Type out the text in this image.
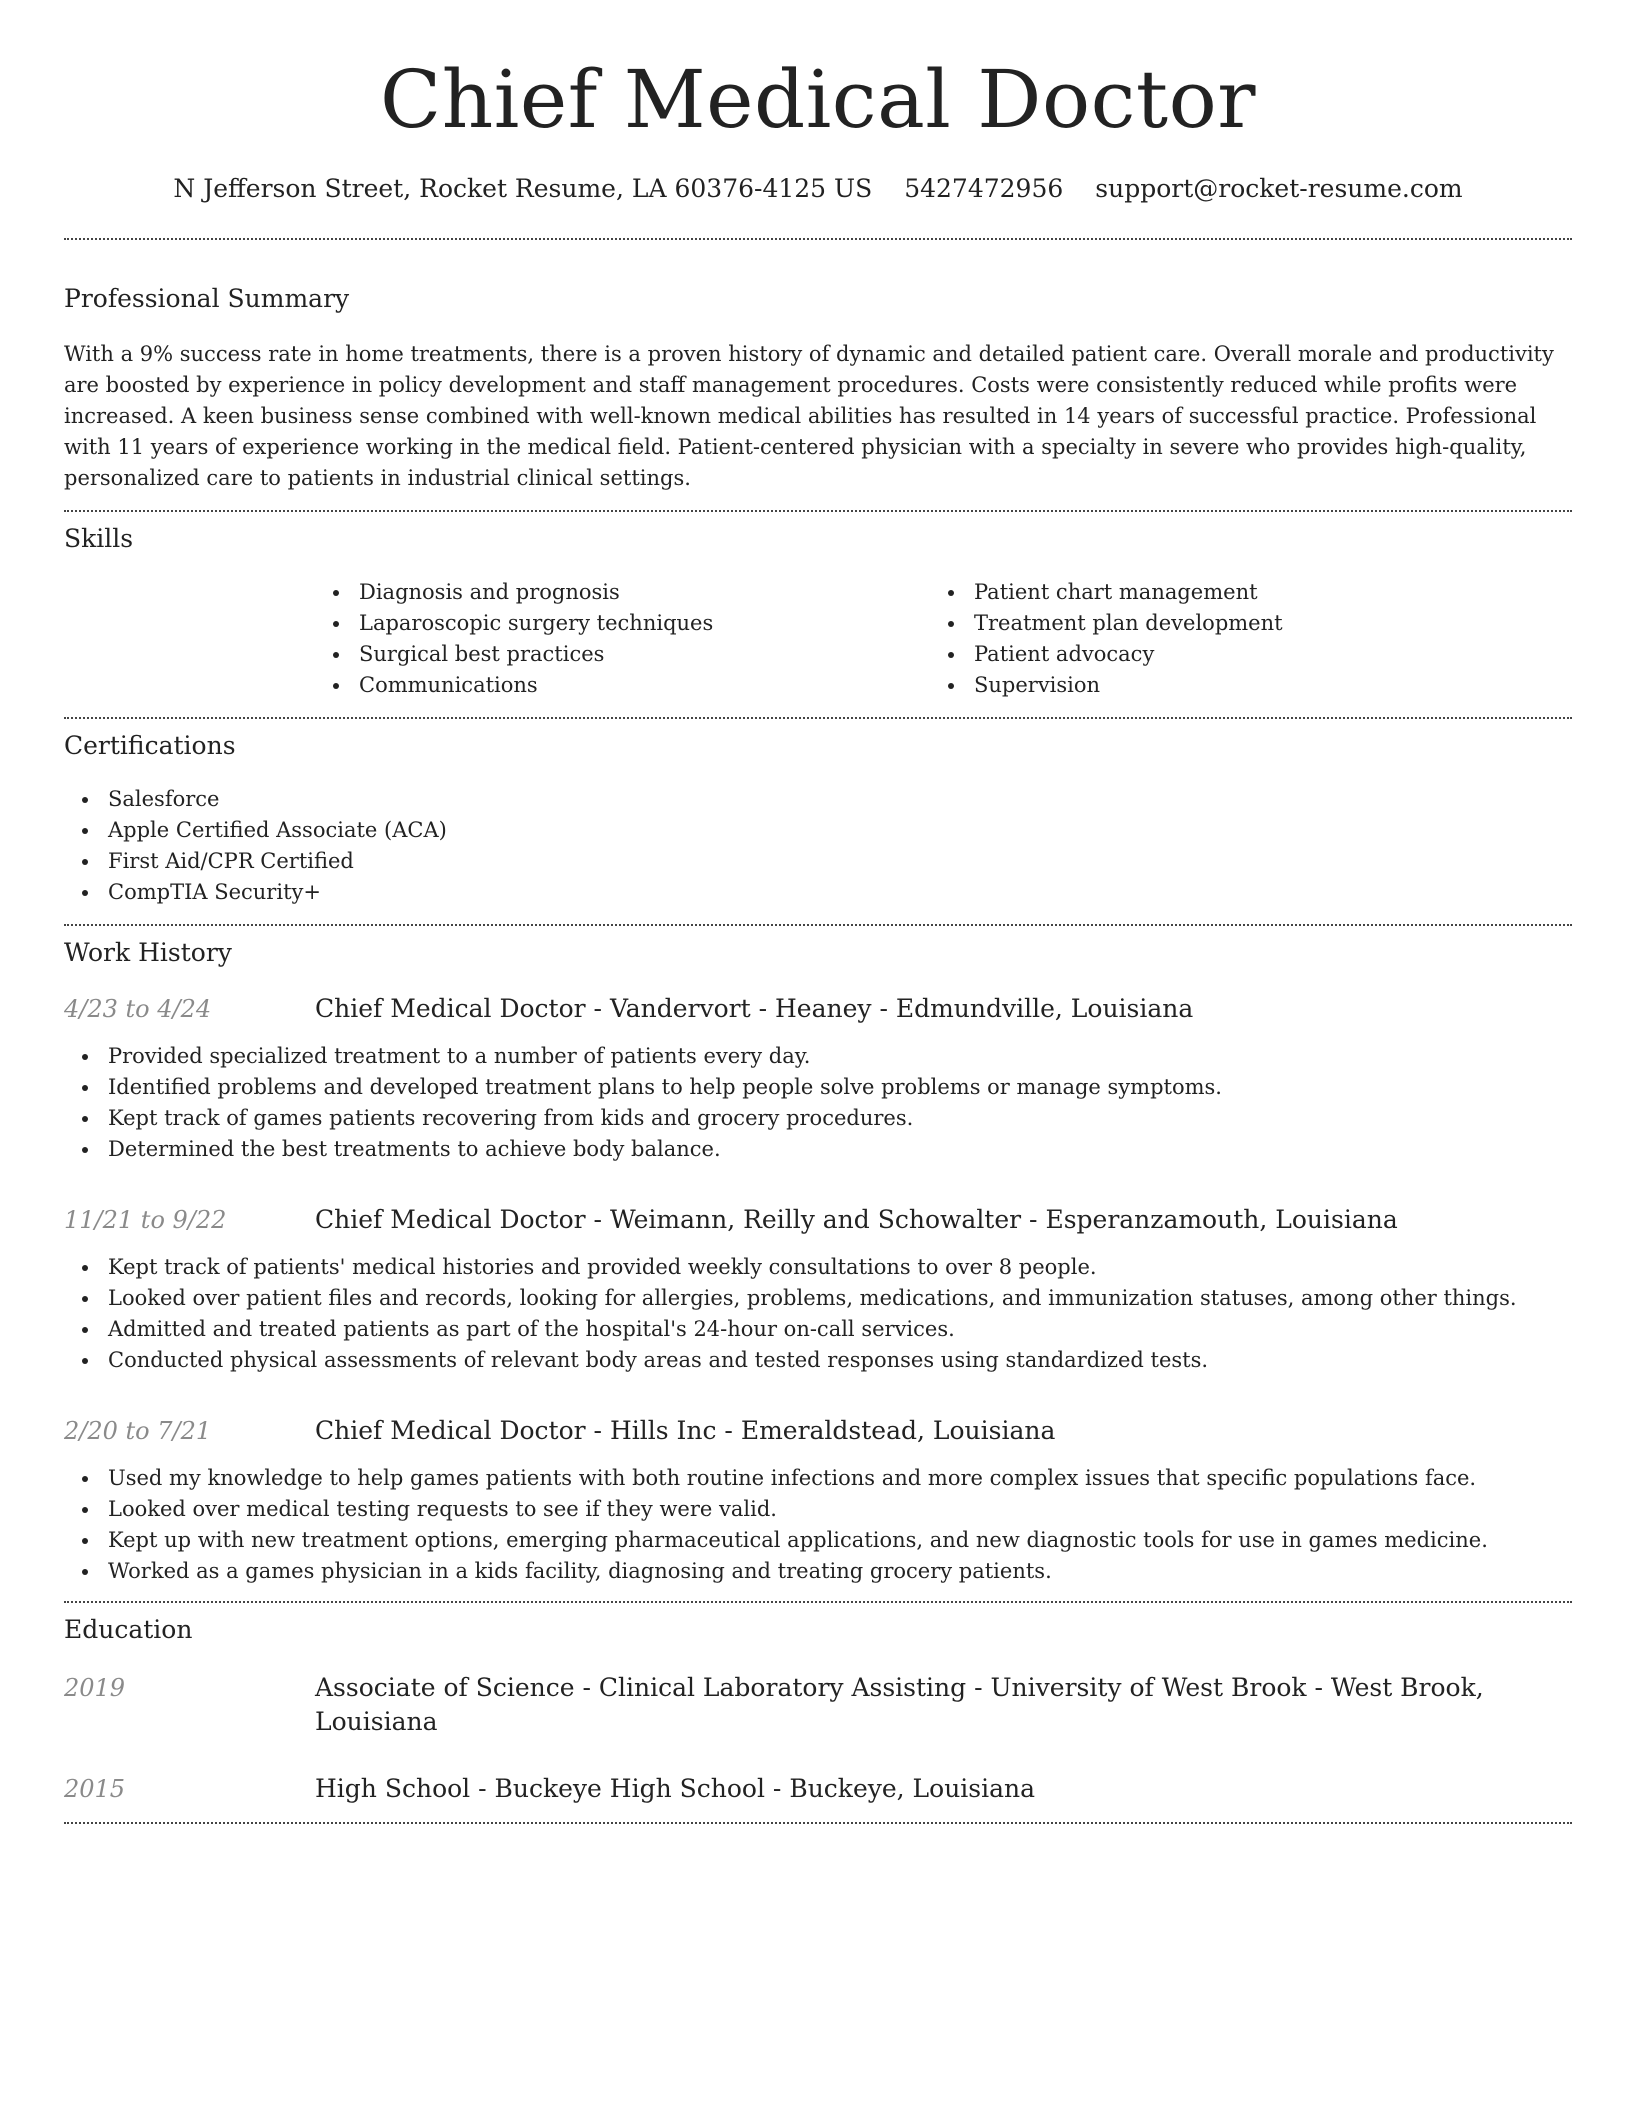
Chief Medical Doctor
N Jefferson Street, Rocket Resume, LA 60376-4125 US 5427472956 support@rocket-resume.com
Professional Summary

With a 9% success rate in home treatments, there is a proven history of dynamic and detailed patient care. Overall morale and productivity are boosted by experience in policy development and staff management procedures. Costs were consistently reduced while profits were increased. A keen business sense combined with well-known medical abilities has resulted in 14 years of successful practice. Professional with 11 years of experience working in the medical field. Patient-centered physician with a specialty in severe who provides high-quality, personalized care to patients in industrial clinical settings.

Skills
Diagnosis and prognosis
Laparoscopic surgery techniques
Surgical best practices
Communications
Patient chart management
Treatment plan development
Patient advocacy
Supervision
Certifications
Salesforce
Apple Certified Associate (ACA)
First Aid/CPR Certified
CompTIA Security+
Work History
4/23 to 4/24	Chief Medical Doctor - Vandervort - Heaney - Edmundville, Louisiana
Provided specialized treatment to a number of patients every day.
Identified problems and developed treatment plans to help people solve problems or manage symptoms.
Kept track of games patients recovering from kids and grocery procedures.
Determined the best treatments to achieve body balance.
11/21 to 9/22	Chief Medical Doctor - Weimann, Reilly and Schowalter - Esperanzamouth, Louisiana
Kept track of patients' medical histories and provided weekly consultations to over 8 people.
Looked over patient files and records, looking for allergies, problems, medications, and immunization statuses, among other things.
Admitted and treated patients as part of the hospital's 24-hour on-call services.
Conducted physical assessments of relevant body areas and tested responses using standardized tests.
2/20 to 7/21	Chief Medical Doctor - Hills Inc - Emeraldstead, Louisiana
Used my knowledge to help games patients with both routine infections and more complex issues that specific populations face.
Looked over medical testing requests to see if they were valid.
Kept up with new treatment options, emerging pharmaceutical applications, and new diagnostic tools for use in games medicine.
Worked as a games physician in a kids facility, diagnosing and treating grocery patients.
Education
2019	Associate of Science - Clinical Laboratory Assisting - University of West Brook - West Brook, Louisiana
2015	High School - Buckeye High School - Buckeye, Louisiana
